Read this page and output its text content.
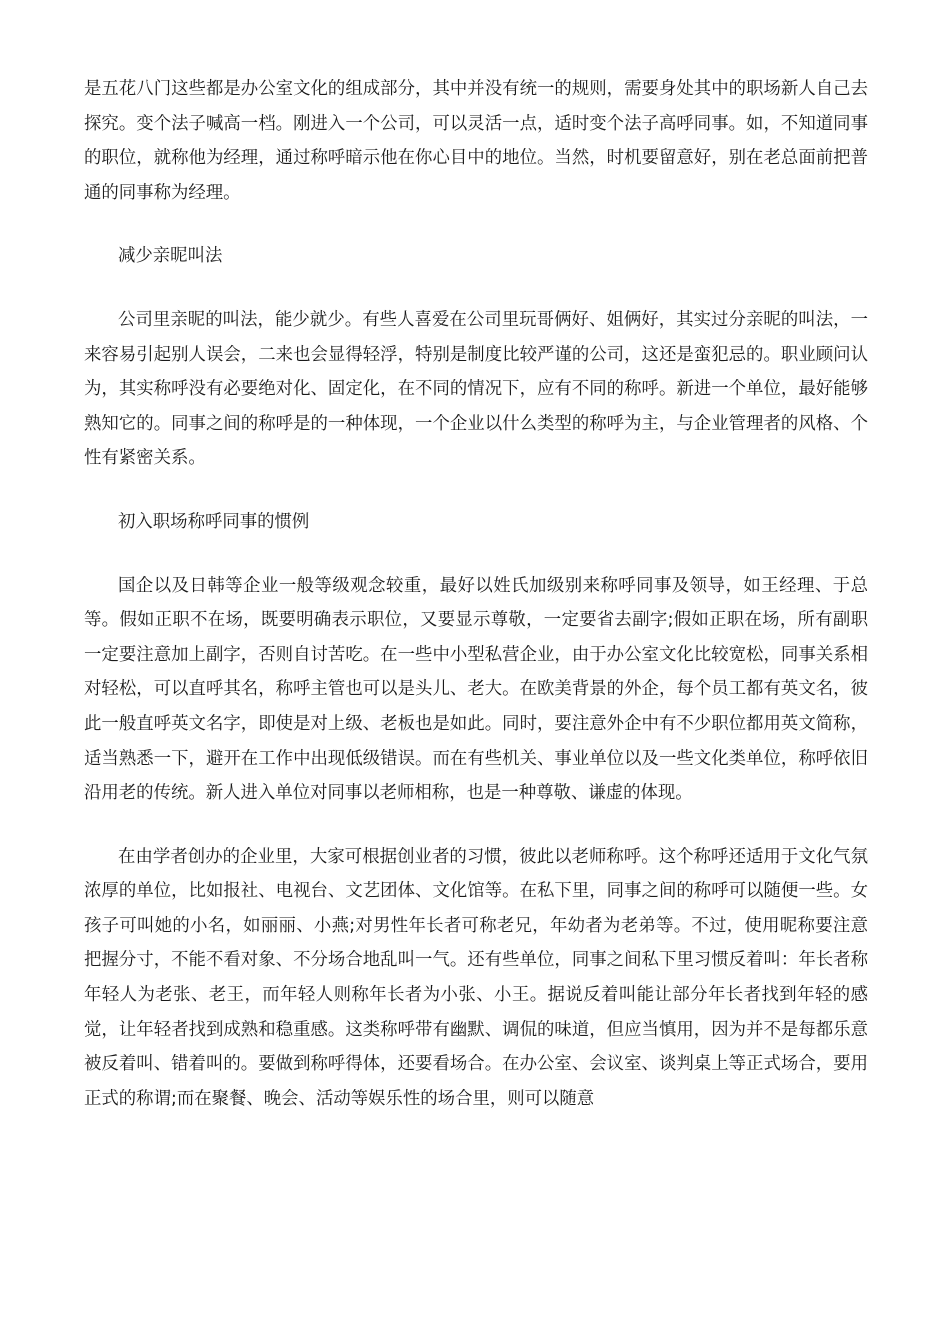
是五花八门这些都是办公室文化的组成部分，其中并没有统一的规则，需要身处其中的职场新人自己去探究。变个法子喊高一档。刚进入一个公司，可以灵活一点，适时变个法子高呼同事。如，不知道同事的职位，就称他为经理，通过称呼暗示他在你心目中的地位。当然，时机要留意好，别在老总面前把普通的同事称为经理。

减少亲昵叫法

公司里亲昵的叫法，能少就少。有些人喜爱在公司里玩哥俩好、姐俩好，其实过分亲昵的叫法，一来容易引起别人误会，二来也会显得轻浮，特别是制度比较严谨的公司，这还是蛮犯忌的。职业顾问认为，其实称呼没有必要绝对化、固定化，在不同的情况下，应有不同的称呼。新进一个单位，最好能够熟知它的。同事之间的称呼是的一种体现，一个企业以什么类型的称呼为主，与企业管理者的风格、个性有紧密关系。

初入职场称呼同事的惯例

国企以及日韩等企业一般等级观念较重，最好以姓氏加级别来称呼同事及领导，如王经理、于总等。假如正职不在场，既要明确表示职位，又要显示尊敬，一定要省去副字;假如正职在场，所有副职一定要注意加上副字，否则自讨苦吃。在一些中小型私营企业，由于办公室文化比较宽松，同事关系相对轻松，可以直呼其名，称呼主管也可以是头儿、老大。在欧美背景的外企，每个员工都有英文名，彼此一般直呼英文名字，即使是对上级、老板也是如此。同时，要注意外企中有不少职位都用英文简称，适当熟悉一下，避开在工作中出现低级错误。而在有些机关、事业单位以及一些文化类单位，称呼依旧沿用老的传统。新人进入单位对同事以老师相称，也是一种尊敬、谦虚的体现。

在由学者创办的企业里，大家可根据创业者的习惯，彼此以老师称呼。这个称呼还适用于文化气氛浓厚的单位，比如报社、电视台、文艺团体、文化馆等。在私下里，同事之间的称呼可以随便一些。女孩子可叫她的小名，如丽丽、小燕;对男性年长者可称老兄，年幼者为老弟等。不过，使用昵称要注意把握分寸，不能不看对象、不分场合地乱叫一气。还有些单位，同事之间私下里习惯反着叫：年长者称年轻人为老张、老王，而年轻人则称年长者为小张、小王。据说反着叫能让部分年长者找到年轻的感觉，让年轻者找到成熟和稳重感。这类称呼带有幽默、调侃的味道，但应当慎用，因为并不是每都乐意被反着叫、错着叫的。要做到称呼得体，还要看场合。在办公室、会议室、谈判桌上等正式场合，要用正式的称谓;而在聚餐、晚会、活动等娱乐性的场合里，则可以随意
